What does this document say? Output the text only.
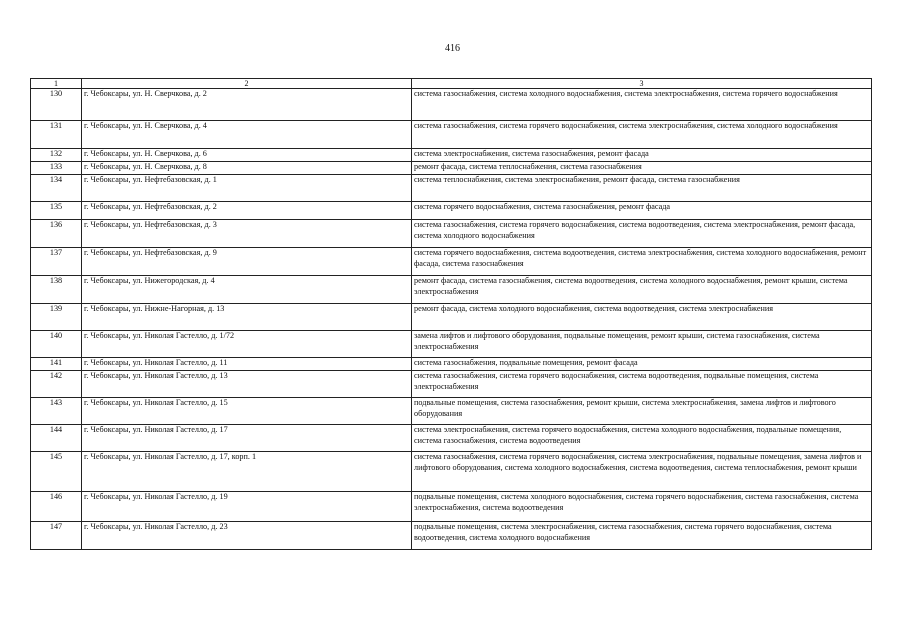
416
1	2	3
130	г. Чебоксары, ул. Н. Сверчкова, д. 2	система газоснабжения, система холодного водоснабжения, система электроснабжения, система горячего водоснабжения
131	г. Чебоксары, ул. Н. Сверчкова, д. 4	система газоснабжения, система горячего водоснабжения, система электроснабжения, система холодного водоснабжения
132	г. Чебоксары, ул. Н. Сверчкова, д. 6	система электроснабжения, система газоснабжения, ремонт фасада
133	г. Чебоксары, ул. Н. Сверчкова, д. 8	ремонт фасада, система теплоснабжения, система газоснабжения
134	г. Чебоксары, ул. Нефтебазовская, д. 1	система теплоснабжения, система электроснабжения, ремонт фасада, система газоснабжения
135	г. Чебоксары, ул. Нефтебазовская, д. 2	система горячего водоснабжения, система газоснабжения, ремонт фасада
136	г. Чебоксары, ул. Нефтебазовская, д. 3	система газоснабжения, система горячего водоснабжения, система водоотведения, система электроснабжения, ремонт фасада, система холодного водоснабжения
137	г. Чебоксары, ул. Нефтебазовская, д. 9	система горячего водоснабжения, система водоотведения, система электроснабжения, система холодного водоснабжения, ремонт фасада, система газоснабжения
138	г. Чебоксары, ул. Нижегородская, д. 4	ремонт фасада, система газоснабжения, система водоотведения, система холодного водоснабжения, ремонт крыши, система электроснабжения
139	г. Чебоксары, ул. Нижне-Нагорная, д. 13	ремонт фасада, система холодного водоснабжения, система водоотведения, система электроснабжения
140	г. Чебоксары, ул. Николая Гастелло, д. 1/72	замена лифтов и лифтового оборудования, подвальные помещения, ремонт крыши, система газоснабжения, система электроснабжения
141	г. Чебоксары, ул. Николая Гастелло, д. 11	система газоснабжения, подвальные помещения, ремонт фасада
142	г. Чебоксары, ул. Николая Гастелло, д. 13	система газоснабжения, система горячего водоснабжения, система водоотведения, подвальные помещения, система электроснабжения
143	г. Чебоксары, ул. Николая Гастелло, д. 15	подвальные помещения, система газоснабжения, ремонт крыши, система электроснабжения, замена лифтов и лифтового оборудования
144	г. Чебоксары, ул. Николая Гастелло, д. 17	система электроснабжения, система горячего водоснабжения, система холодного водоснабжения, подвальные помещения, система газоснабжения, система водоотведения
145	г. Чебоксары, ул. Николая Гастелло, д. 17, корп. 1	система газоснабжения, система горячего водоснабжения, система электроснабжения, подвальные помещения, замена лифтов и лифтового оборудования, система холодного водоснабжения, система водоотведения, система теплоснабжения, ремонт крыши
146	г. Чебоксары, ул. Николая Гастелло, д. 19	подвальные помещения, система холодного водоснабжения, система горячего водоснабжения, система газоснабжения, система электроснабжения, система водоотведения
147	г. Чебоксары, ул. Николая Гастелло, д. 23	подвальные помещения, система электроснабжения, система газоснабжения, система горячего водоснабжения, система водоотведения, система холодного водоснабжения
